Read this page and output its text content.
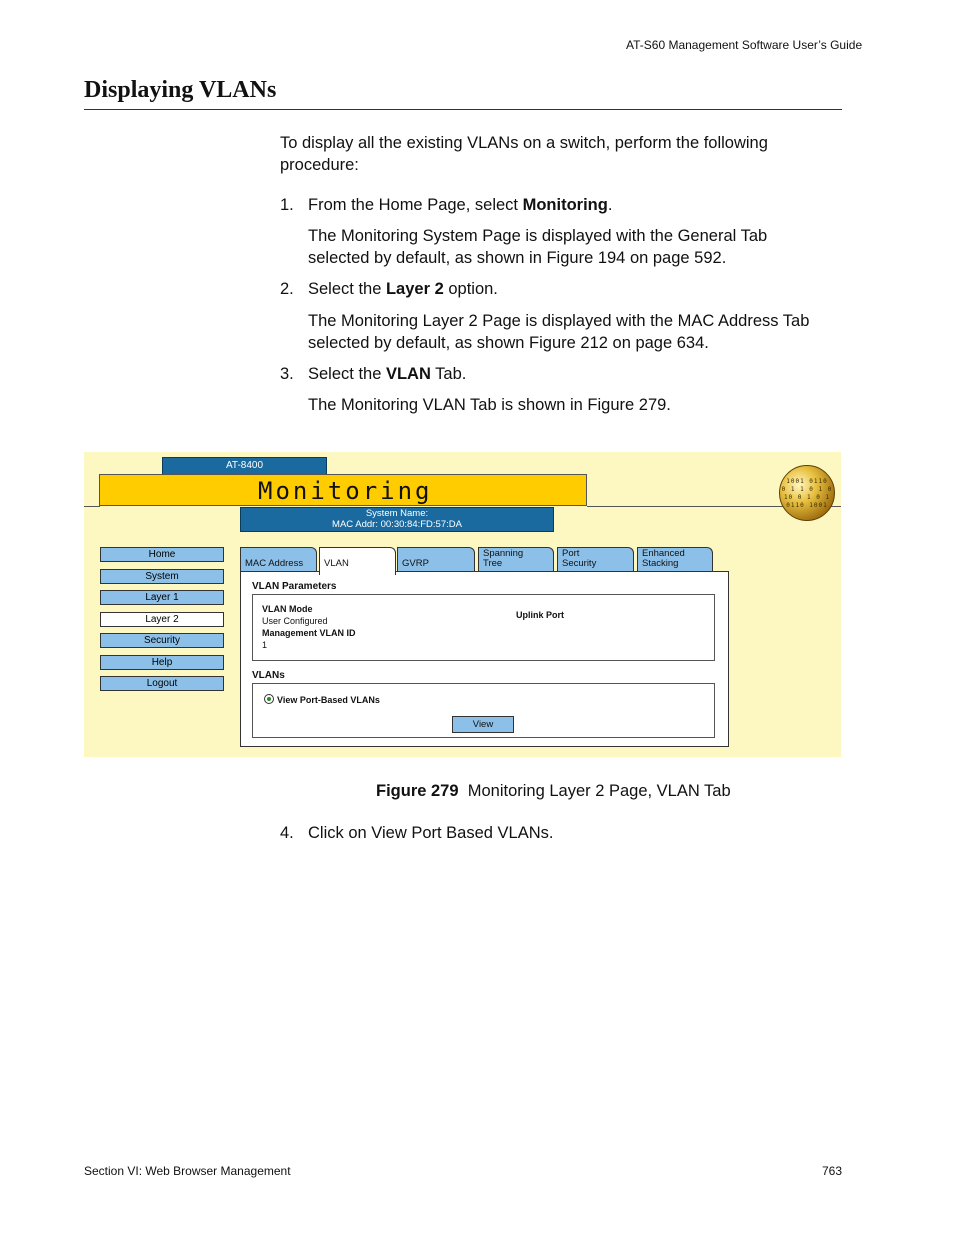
AT-S60 Management Software User’s Guide
Displaying VLANs
To display all the existing VLANs on a switch, perform the following procedure:
1. From the Home Page, select Monitoring.
The Monitoring System Page is displayed with the General Tab selected by default, as shown in Figure 194 on page 592.
2. Select the Layer 2 option.
The Monitoring Layer 2 Page is displayed with the MAC Address Tab selected by default, as shown Figure 212 on page 634.
3. Select the VLAN Tab.
The Monitoring VLAN Tab is shown in Figure 279.
AT-8400
Monitoring
System Name:
MAC Addr: 00:30:84:FD:57:DA
1001 0110
0 1 1 0 1 0
10 0 1 0 1
0110 1001
Home
System
Layer 1
Layer 2
Security
Help
Logout
MAC Address	VLAN	GVRP
Spanning
Tree
Port
Security
Enhanced
Stacking
VLAN Parameters
VLAN Mode
User Configured
Management VLAN ID
1
Uplink Port
VLANs
View Port-Based VLANs
View
Figure 279 Monitoring Layer 2 Page, VLAN Tab
4. Click on View Port Based VLANs.
Section VI: Web Browser Management	763
